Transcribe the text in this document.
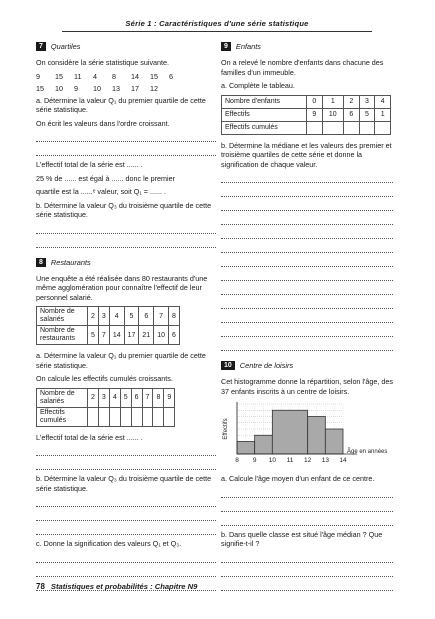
Série 1 : Caractéristiques d'une série statistique
7	Quartiles

On considère la série statistique suivante.

9	15	11	4	8	14	15	6
15	10	9	10	13	17	12

a. Détermine la valeur Q₁ du premier quartile de cette série statistique.

On écrit les valeurs dans l'ordre croissant.

L'effectif total de la série est ...... .

25 % de ...... est égal à ...... donc le premier

quartile est la ......ᵉ valeur, soit Q₁ = ...... .

b. Détermine la valeur Q₃ du troisième quartile de cette série statistique.

8	Restaurants

Une enquête a été réalisée dans 80 restaurants d'une même agglomération pour connaître l'effectif de leur personnel salarié.

Nombre de salariés	2	3	4	5	6	7	8
Nombre de restaurants	5	7	14	17	21	10	6

a. Détermine la valeur Q₁ du premier quartile de cette série statistique.

On calcule les effectifs cumulés croissants.

Nombre de salariés	2	3	4	5	6	7	8	9
Effectifs cumulés								

L'effectif total de la série est ...... .

b. Détermine la valeur Q₃ du troisième quartile de cette série statistique.

c. Donne la signification des valeurs Q₁ et Q₃.

9	Enfants

On a relevé le nombre d'enfants dans chacune des familles d'un immeuble.

a. Complète le tableau.

Nombre d'enfants	0	1	2	3	4
Effectifs	9	10	6	5	1
Effectifs cumulés					

b. Détermine la médiane et les valeurs des premier et troisième quartiles de cette série et donne la signification de chaque valeur.

10	Centre de loisirs

Cet histogramme donne la répartition, selon l'âge, des 37 enfants inscrits à un centre de loisirs.

8 9 10 11 12 13 14
Effectifs
Âge en années

a. Calcule l'âge moyen d'un enfant de ce centre.

b. Dans quelle classe est situé l'âge médian ? Que signifie-t-il ?

78 Statistiques et probabilités : Chapitre N9
